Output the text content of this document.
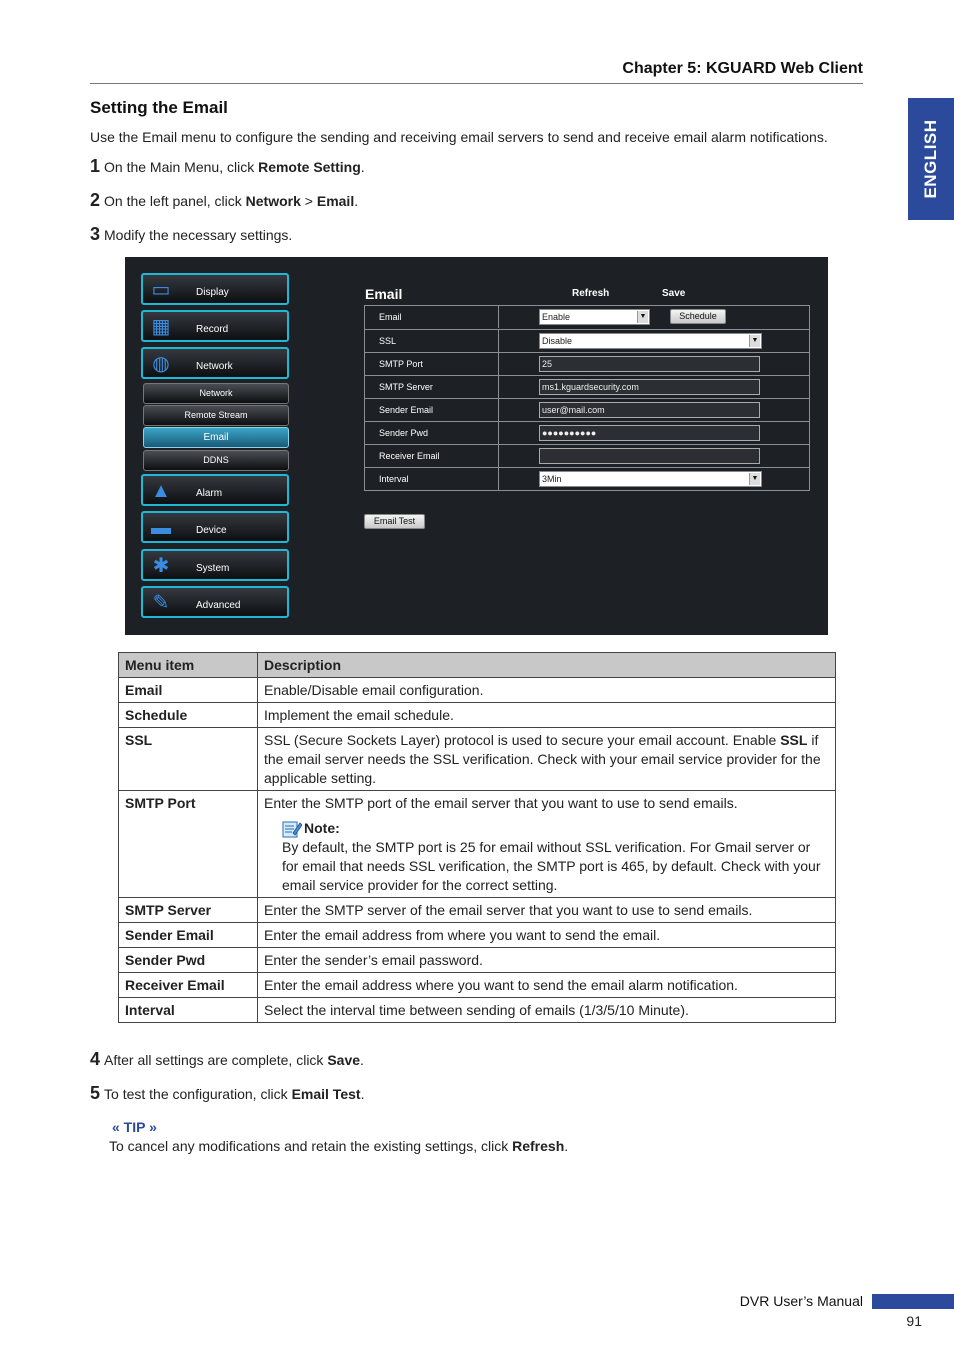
Chapter 5: KGUARD Web Client
ENGLISH
Setting the Email
Use the Email menu to configure the sending and receiving email servers to send and receive email alarm notifications.
1 On the Main Menu, click Remote Setting.
2 On the left panel, click Network > Email.
3 Modify the necessary settings.
▭	Display
▦	Record
◍	Network
▲	Alarm
▬	Device
✱	System
✎	Advanced
Network
Remote Stream
Email
DDNS
Email	Refresh	Save
Email	Enable	▼	Schedule
SSL	Disable	▼
SMTP Port	25
SMTP Server	ms1.kguardsecurity.com
Sender Email	user@mail.com
Sender Pwd	●●●●●●●●●●
Receiver Email
Interval	3Min	▼
Email Test
Menu item	Description
Email	Enable/Disable email configuration.
Schedule	Implement the email schedule.
SSL	SSL (Secure Sockets Layer) protocol is used to secure your email account. Enable SSL if the email server needs the SSL verification. Check with your email service provider for the applicable setting.
SMTP Port	Enter the SMTP port of the email server that you want to use to send emails.
Note:
By default, the SMTP port is 25 for email without SSL verification. For Gmail server or for email that needs SSL verification, the SMTP port is 465, by default. Check with your email service provider for the correct setting.

SMTP Server	Enter the SMTP server of the email server that you want to use to send emails.
Sender Email	Enter the email address from where you want to send the email.
Sender Pwd	Enter the sender’s email password.
Receiver Email	Enter the email address where you want to send the email alarm notification.
Interval	Select the interval time between sending of emails (1/3/5/10 Minute).
4 After all settings are complete, click Save.
5 To test the configuration, click Email Test.
« TIP »
To cancel any modifications and retain the existing settings, click Refresh.
DVR User’s Manual
91
